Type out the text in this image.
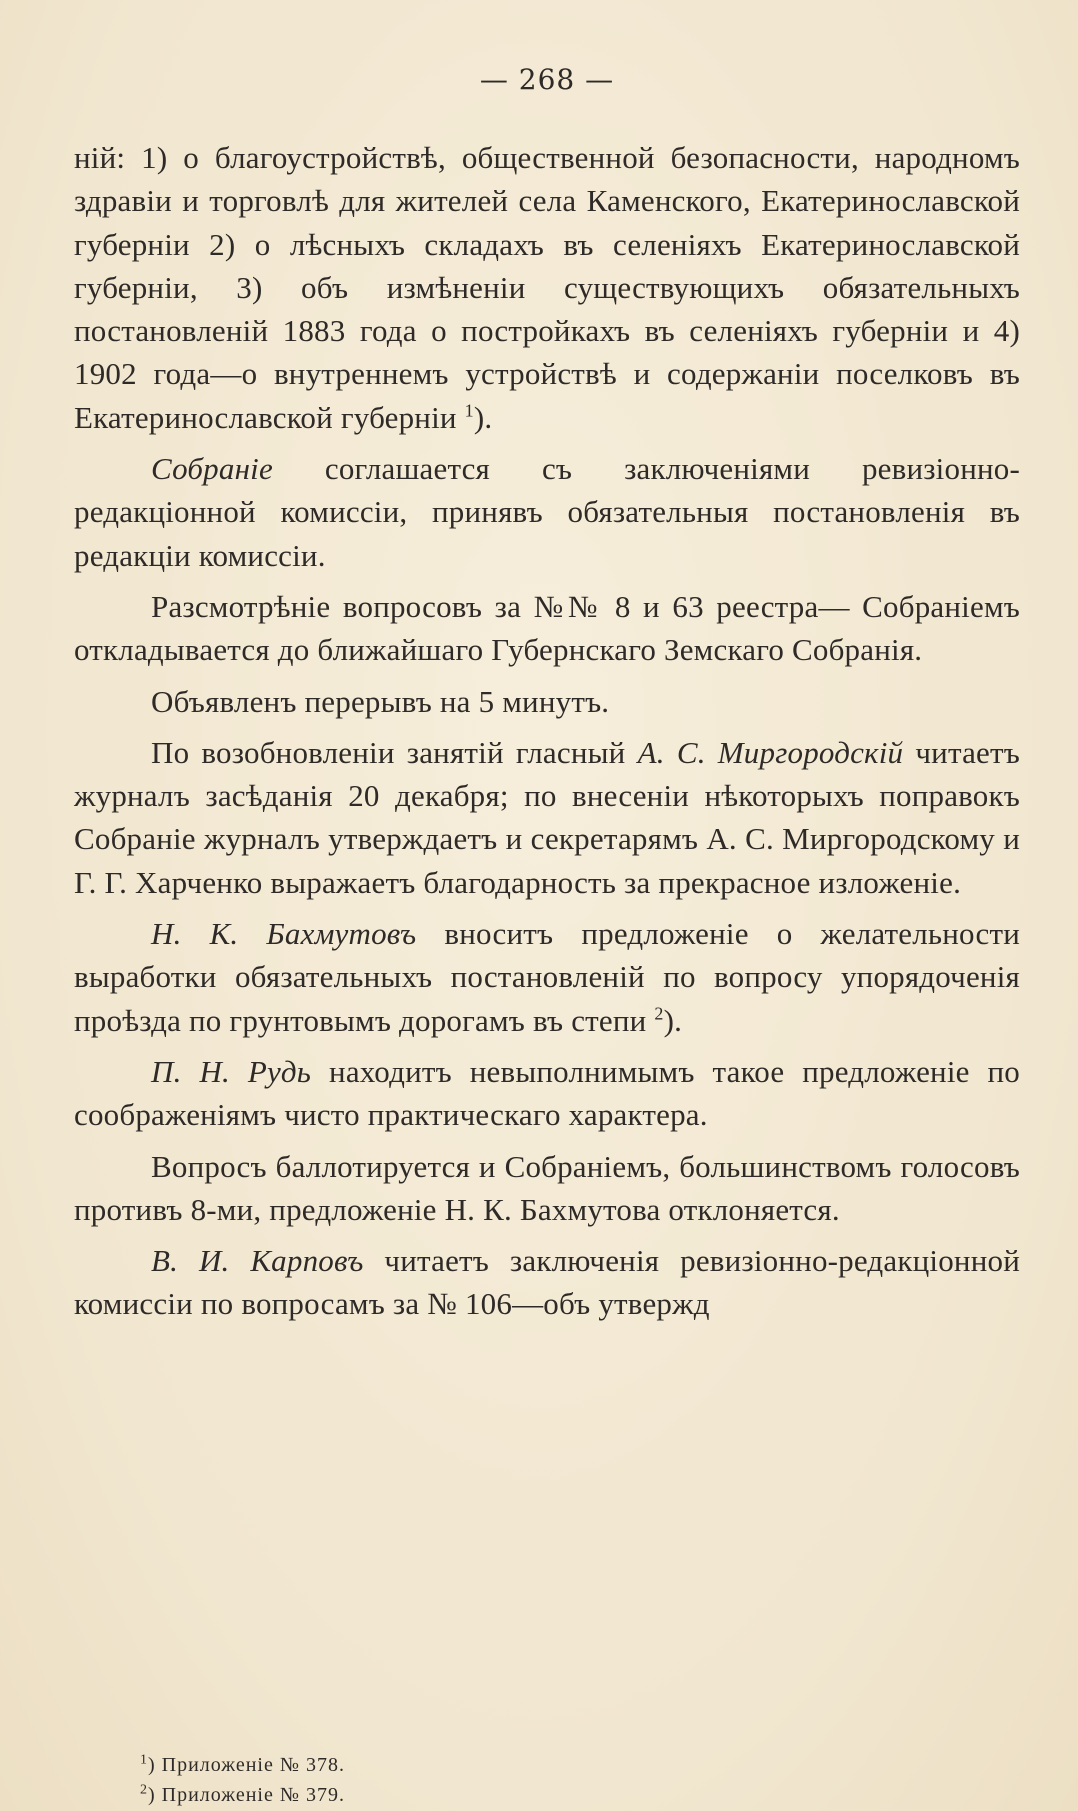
— 268 —

ній: 1) о благоустройствѣ, общественной безопасности, народномъ здравіи и торговлѣ для жителей села Каменского, Екатеринославской губерніи 2) о лѣсныхъ складахъ въ селеніяхъ Екатеринославской губерніи, 3) объ измѣненіи существующихъ обязательныхъ постановленій 1883 года о постройкахъ въ селеніяхъ губерніи и 4) 1902 года—о внутреннемъ устройствѣ и содержаніи поселковъ въ Екатеринославской губерніи $^1$).

Собраніе соглашается съ заключеніями ревизіонно-редакціонной комиссіи, принявъ обязательныя постановленія въ редакціи комиссіи.

Разсмотрѣніе вопросовъ за №№ 8 и 63 реестра— Собраніемъ откладывается до ближайшаго Губернскаго Земскаго Собранія.

Объявленъ перерывъ на 5 минутъ.

По возобновленіи занятій гласный А. С. Миргородскій читаетъ журналъ засѣданія 20 декабря; по внесеніи нѣкоторыхъ поправокъ Собраніе журналъ утверждаетъ и секретарямъ А. С. Миргородскому и Г. Г. Харченко выражаетъ благодарность за прекрасное изложеніе.

Н. К. Бахмутовъ вноситъ предложеніе о желательности выработки обязательныхъ постановленій по вопросу упорядоченія проѣзда по грунтовымъ дорогамъ въ степи $^2$).

П. Н. Рудь находитъ невыполнимымъ такое предложеніе по соображеніямъ чисто практическаго характера.

Вопросъ баллотируется и Собраніемъ, большинствомъ голосовъ противъ 8-ми, предложеніе Н. К. Бахмутова отклоняется.

В. И. Карповъ читаетъ заключенія ревизіонно-редакціонной комиссіи по вопросамъ за № 106—объ утвержд

$^1$) Приложеніе № 378.
$^2$) Приложеніе № 379.
